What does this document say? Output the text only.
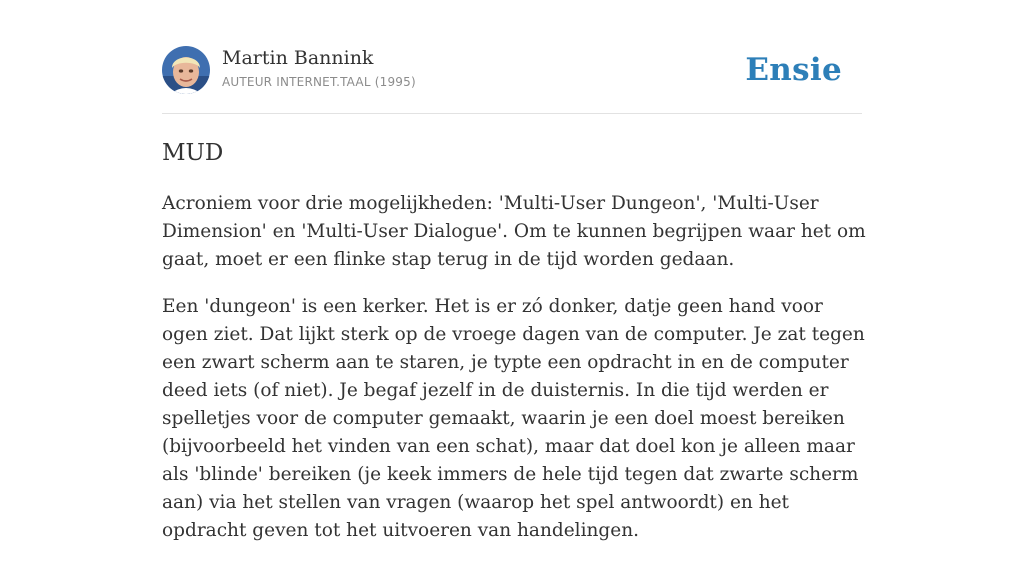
Martin Bannink
AUTEUR INTERNET.TAAL (1995)	Ensie
MUD

Acroniem voor drie mogelijkheden: 'Multi-User Dungeon', 'Multi-User Dimension' en 'Multi-User Dialogue'. Om te kunnen begrijpen waar het om gaat, moet er een flinke stap terug in de tijd worden gedaan.

Een 'dungeon' is een kerker. Het is er zó donker, datje geen hand voor ogen ziet. Dat lijkt sterk op de vroege dagen van de computer. Je zat tegen een zwart scherm aan te staren, je typte een opdracht in en de computer deed iets (of niet). Je begaf jezelf in de duisternis. In die tijd werden er spelletjes voor de computer gemaakt, waarin je een doel moest bereiken (bijvoorbeeld het vinden van een schat), maar dat doel kon je alleen maar als 'blinde' bereiken (je keek immers de hele tijd tegen dat zwarte scherm aan) via het stellen van vragen (waarop het spel antwoordt) en het opdracht geven tot het uitvoeren van handelingen.
